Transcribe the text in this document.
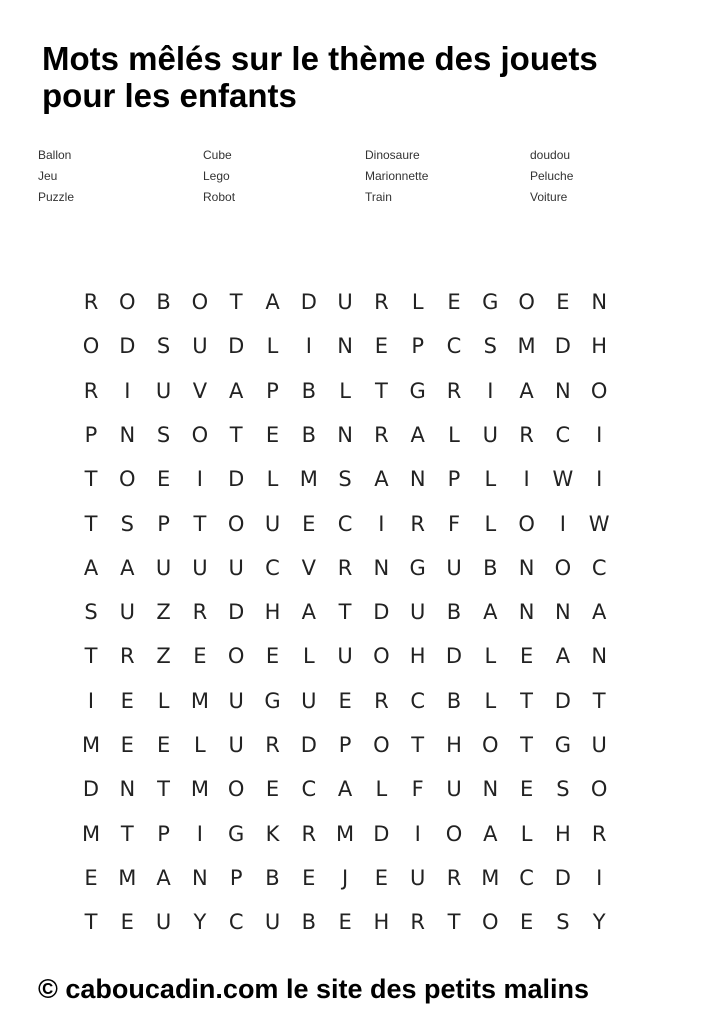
Mots mêlés sur le thème des jouets
pour les enfants
Ballon	Cube	Dinosaure	doudou
Jeu	Lego	Marionnette	Peluche
Puzzle	Robot	Train	Voiture
R O B O	T	A	D U	R	L	E	G O	E	N
O D	S	U D	L	I	N	E	P	C	S M D H
R	I	U	V	A	P	B	L	T	G R	I	A	N O
P	N	S	O	T	E	B	N	R	A	L	U	R	C	I
T	O	E	I	D	L	M S	A	N	P	L	I	W	I
T	S	P	T	O U	E	C	I	R	F	L	O	I	W
A	A	U U U	C	V	R	N G U	B	N O C
S	U	Z	R D H	A	T	D U	B	A	N N	A
T	R	Z	E	O	E	L	U O H D	L	E	A	N
I	E	L	M U G U	E	R	C	B	L	T	D	T
M E	E	L	U	R D	P	O	T	H O	T	G U
D N	T M O	E	C	A	L	F	U N	E	S	O
M T	P	I	G	K	R M D	I	O A	L	H	R
E M A	N	P	B	E	J	E	U	R M C D	I
T	E	U	Y	C	U	B	E	H	R	T	O	E	S	Y

© caboucadin.com le site des petits malins
